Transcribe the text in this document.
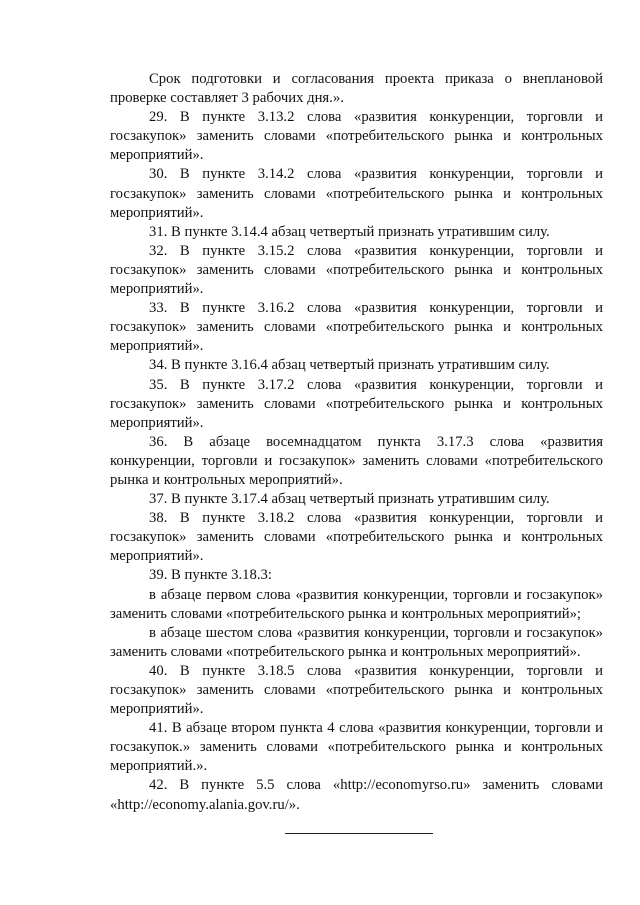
Срок подготовки и согласования проекта приказа о внеплановой проверке составляет 3 рабочих дня.».

29. В пункте 3.13.2 слова «развития конкуренции, торговли и госзакупок» заменить словами «потребительского рынка и контрольных мероприятий».

30. В пункте 3.14.2 слова «развития конкуренции, торговли и госзакупок» заменить словами «потребительского рынка и контрольных мероприятий».

31. В пункте 3.14.4 абзац четвертый признать утратившим силу.

32. В пункте 3.15.2 слова «развития конкуренции, торговли и госзакупок» заменить словами «потребительского рынка и контрольных мероприятий».

33. В пункте 3.16.2 слова «развития конкуренции, торговли и госзакупок» заменить словами «потребительского рынка и контрольных мероприятий».

34. В пункте 3.16.4 абзац четвертый признать утратившим силу.

35. В пункте 3.17.2 слова «развития конкуренции, торговли и госзакупок» заменить словами «потребительского рынка и контрольных мероприятий».

36. В абзаце восемнадцатом пункта 3.17.3 слова «развития конкуренции, торговли и госзакупок» заменить словами «потребительского рынка и контрольных мероприятий».

37. В пункте 3.17.4 абзац четвертый признать утратившим силу.

38. В пункте 3.18.2 слова «развития конкуренции, торговли и госзакупок» заменить словами «потребительского рынка и контрольных мероприятий».

39. В пункте 3.18.3:

в абзаце первом слова «развития конкуренции, торговли и госзакупок» заменить словами «потребительского рынка и контрольных мероприятий»;

в абзаце шестом слова «развития конкуренции, торговли и госзакупок» заменить словами «потребительского рынка и контрольных мероприятий».

40. В пункте 3.18.5 слова «развития конкуренции, торговли и госзакупок» заменить словами «потребительского рынка и контрольных мероприятий».

41. В абзаце втором пункта 4 слова «развития конкуренции, торговли и госзакупок.» заменить словами «потребительского рынка и контрольных мероприятий.».

42. В пункте 5.5 слова «http://economyrso.ru» заменить словами «http://economy.alania.gov.ru/».
